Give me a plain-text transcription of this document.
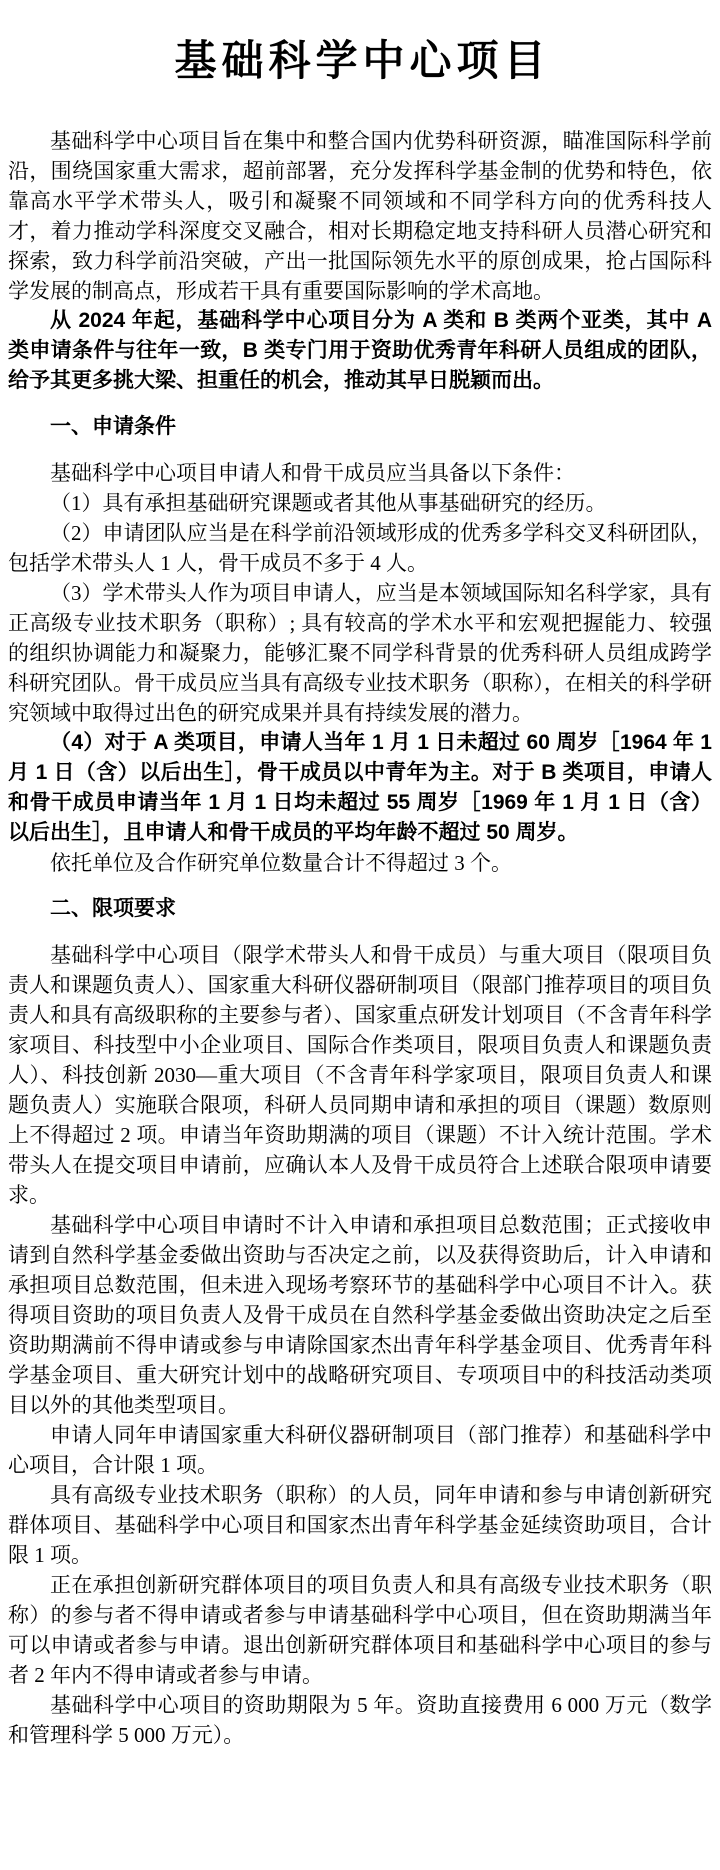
基础科学中心项目

基础科学中心项目旨在集中和整合国内优势科研资源，瞄准国际科学前沿，围绕国家重大需求，超前部署，充分发挥科学基金制的优势和特色，依靠高水平学术带头人，吸引和凝聚不同领域和不同学科方向的优秀科技人才，着力推动学科深度交叉融合，相对长期稳定地支持科研人员潜心研究和探索，致力科学前沿突破，产出一批国际领先水平的原创成果，抢占国际科学发展的制高点，形成若干具有重要国际影响的学术高地。

从 2024 年起，基础科学中心项目分为 A 类和 B 类两个亚类，其中 A 类申请条件与往年一致，B 类专门用于资助优秀青年科研人员组成的团队，给予其更多挑大梁、担重任的机会，推动其早日脱颖而出。

一、申请条件

基础科学中心项目申请人和骨干成员应当具备以下条件：

（1）具有承担基础研究课题或者其他从事基础研究的经历。

（2）申请团队应当是在科学前沿领域形成的优秀多学科交叉科研团队，包括学术带头人 1 人，骨干成员不多于 4 人。

（3）学术带头人作为项目申请人，应当是本领域国际知名科学家，具有正高级专业技术职务（职称）; 具有较高的学术水平和宏观把握能力、较强的组织协调能力和凝聚力，能够汇聚不同学科背景的优秀科研人员组成跨学科研究团队。骨干成员应当具有高级专业技术职务（职称），在相关的科学研究领域中取得过出色的研究成果并具有持续发展的潜力。

（4）对于 A 类项目，申请人当年 1 月 1 日未超过 60 周岁［1964 年 1 月 1 日（含）以后出生］，骨干成员以中青年为主。对于 B 类项目，申请人和骨干成员申请当年 1 月 1 日均未超过 55 周岁［1969 年 1 月 1 日（含）以后出生］，且申请人和骨干成员的平均年龄不超过 50 周岁。

依托单位及合作研究单位数量合计不得超过 3 个。

二、限项要求

基础科学中心项目（限学术带头人和骨干成员）与重大项目（限项目负责人和课题负责人）、国家重大科研仪器研制项目（限部门推荐项目的项目负责人和具有高级职称的主要参与者）、国家重点研发计划项目（不含青年科学家项目、科技型中小企业项目、国际合作类项目，限项目负责人和课题负责人）、科技创新 2030—重大项目（不含青年科学家项目，限项目负责人和课题负责人）实施联合限项，科研人员同期申请和承担的项目（课题）数原则上不得超过 2 项。申请当年资助期满的项目（课题）不计入统计范围。学术带头人在提交项目申请前，应确认本人及骨干成员符合上述联合限项申请要求。

基础科学中心项目申请时不计入申请和承担项目总数范围；正式接收申请到自然科学基金委做出资助与否决定之前，以及获得资助后，计入申请和承担项目总数范围，但未进入现场考察环节的基础科学中心项目不计入。获得项目资助的项目负责人及骨干成员在自然科学基金委做出资助决定之后至资助期满前不得申请或参与申请除国家杰出青年科学基金项目、优秀青年科学基金项目、重大研究计划中的战略研究项目、专项项目中的科技活动类项目以外的其他类型项目。

申请人同年申请国家重大科研仪器研制项目（部门推荐）和基础科学中心项目，合计限 1 项。

具有高级专业技术职务（职称）的人员，同年申请和参与申请创新研究群体项目、基础科学中心项目和国家杰出青年科学基金延续资助项目，合计限 1 项。

正在承担创新研究群体项目的项目负责人和具有高级专业技术职务（职称）的参与者不得申请或者参与申请基础科学中心项目，但在资助期满当年可以申请或者参与申请。退出创新研究群体项目和基础科学中心项目的参与者 2 年内不得申请或者参与申请。

基础科学中心项目的资助期限为 5 年。资助直接费用 6 000 万元（数学和管理科学 5 000 万元）。
